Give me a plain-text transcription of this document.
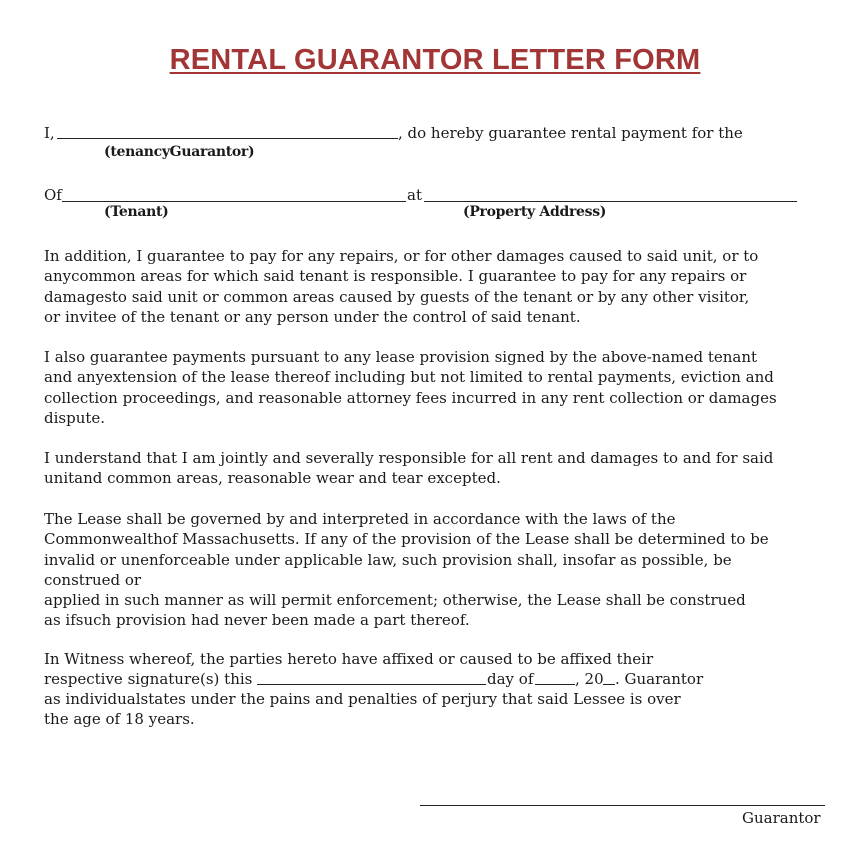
RENTAL GUARANTOR LETTER FORM
I,	, do hereby guarantee rental payment for the
(tenancyGuarantor)
Of	at
(Tenant)	(Property Address)
In addition, I guarantee to pay for any repairs, or for other damages caused to said unit, or to
anycommon areas for which said tenant is responsible. I guarantee to pay for any repairs or
damagesto said unit or common areas caused by guests of the tenant or by any other visitor,
or invitee of the tenant or any person under the control of said tenant.
I also guarantee payments pursuant to any lease provision signed by the above-named tenant
and anyextension of the lease thereof including but not limited to rental payments, eviction and
collection proceedings, and reasonable attorney fees incurred in any rent collection or damages
dispute.
I understand that I am jointly and severally responsible for all rent and damages to and for said
unitand common areas, reasonable wear and tear excepted.
The Lease shall be governed by and interpreted in accordance with the laws of the
Commonwealthof Massachusetts. If any of the provision of the Lease shall be determined to be
invalid or unenforceable under applicable law, such provision shall, insofar as possible, be
construed or
applied in such manner as will permit enforcement; otherwise, the Lease shall be construed
as ifsuch provision had never been made a part thereof.
In Witness whereof, the parties hereto have affixed or caused to be affixed their
respective signature(s) this	day of	, 20 . Guarantor
as individualstates under the pains and penalties of perjury that said Lessee is over
the age of 18 years.
Guarantor
